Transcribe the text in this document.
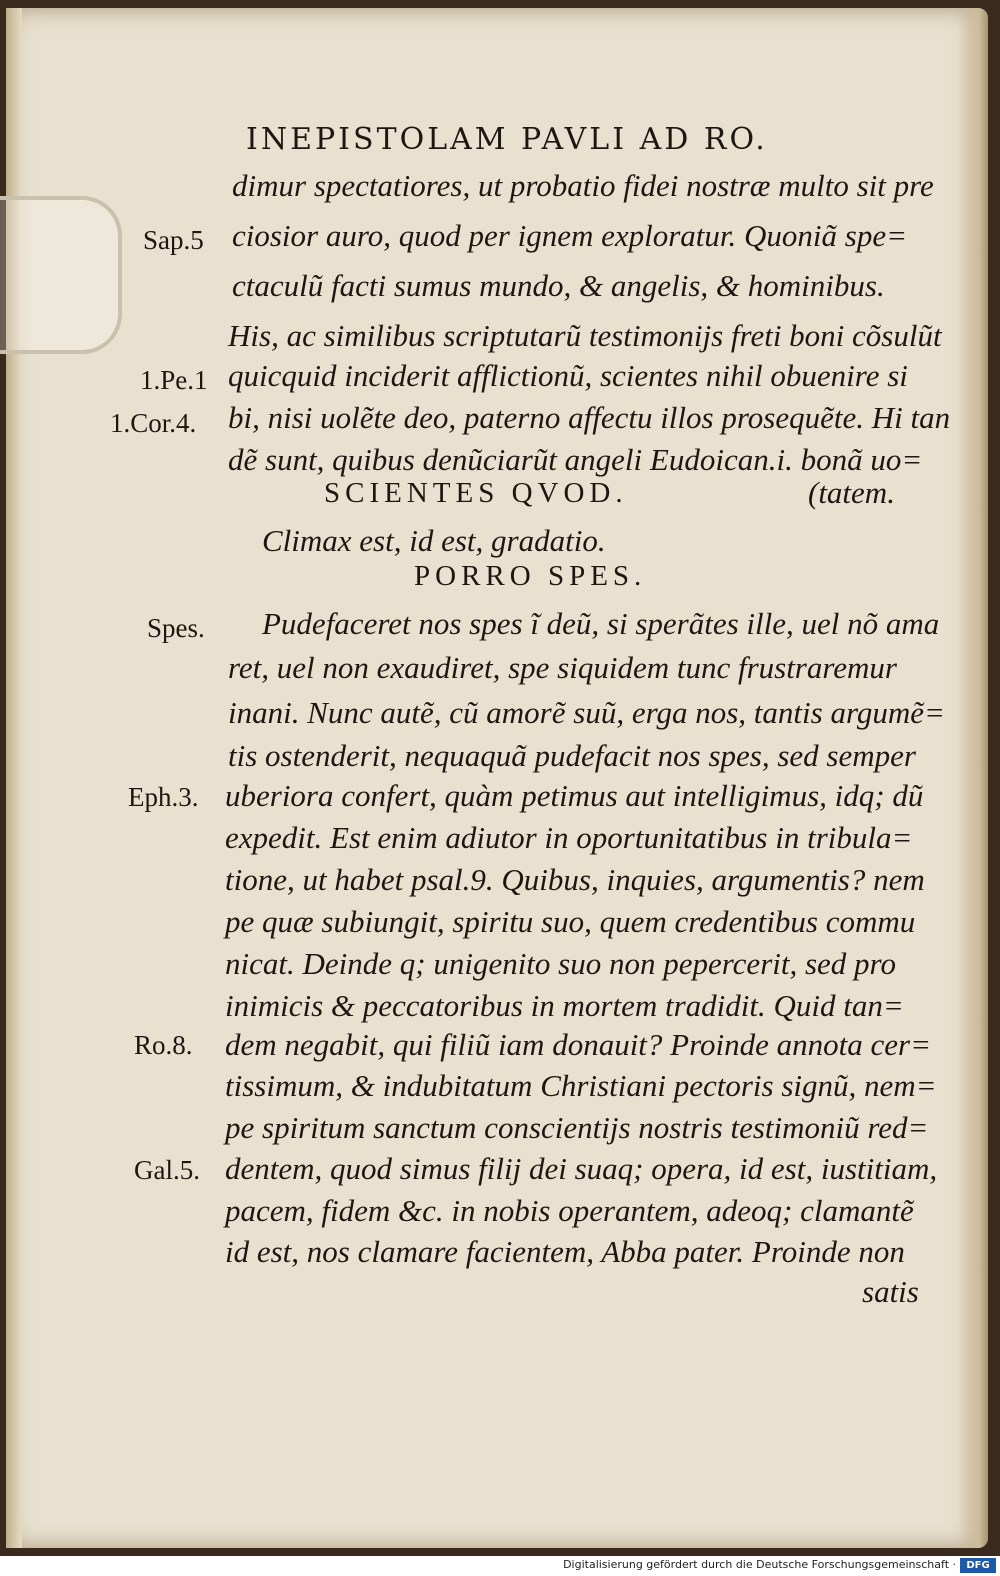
INEPISTOLAM PAVLI AD RO.
dimur spectatiores, ut probatio fidei nostræ multo sit pre
Sap.5 ciosior auro, quod per ignem exploratur. Quoniã spe=
ctaculũ facti sumus mundo, & angelis, & hominibus.
His, ac similibus scriptutarũ testimonijs freti boni cõsulũt
1.Pe.1 quicquid inciderit afflictionũ, scientes nihil obuenire si
1.Cor.4. bi, nisi uolẽte deo, paterno affectu illos prosequẽte. Hi tan
dẽ sunt, quibus denũciarũt angeli Eudoican.i. bonã uo=
SCIENTES QVOD.	(tatem.
Climax est, id est, gradatio.
PORRO SPES.
Spes. Pudefaceret nos spes ĩ deũ, si sperãtes ille, uel nõ ama
ret, uel non exaudiret, spe siquidem tunc frustraremur
inani. Nunc autẽ, cũ amorẽ suũ, erga nos, tantis argumẽ=
tis ostenderit, nequaquã pudefacit nos spes, sed semper
Eph.3. uberiora confert, quàm petimus aut intelligimus, idq; dũ
expedit. Est enim adiutor in oportunitatibus in tribula=
tione, ut habet psal.9. Quibus, inquies, argumentis? nem
pe quæ subiungit, spiritu suo, quem credentibus commu
nicat. Deinde q; unigenito suo non pepercerit, sed pro
inimicis & peccatoribus in mortem tradidit. Quid tan=
Ro.8. dem negabit, qui filiũ iam donauit? Proinde annota cer=
tissimum, & indubitatum Christiani pectoris signũ, nem=
pe spiritum sanctum conscientijs nostris testimoniũ red=
Gal.5. dentem, quod simus filij dei suaq; opera, id est, iustitiam,
pacem, fidem &c. in nobis operantem, adeoq; clamantẽ
id est, nos clamare facientem, Abba pater. Proinde non
satis
Digitalisierung gefördert durch die Deutsche Forschungsgemeinschaft ·	DFG
